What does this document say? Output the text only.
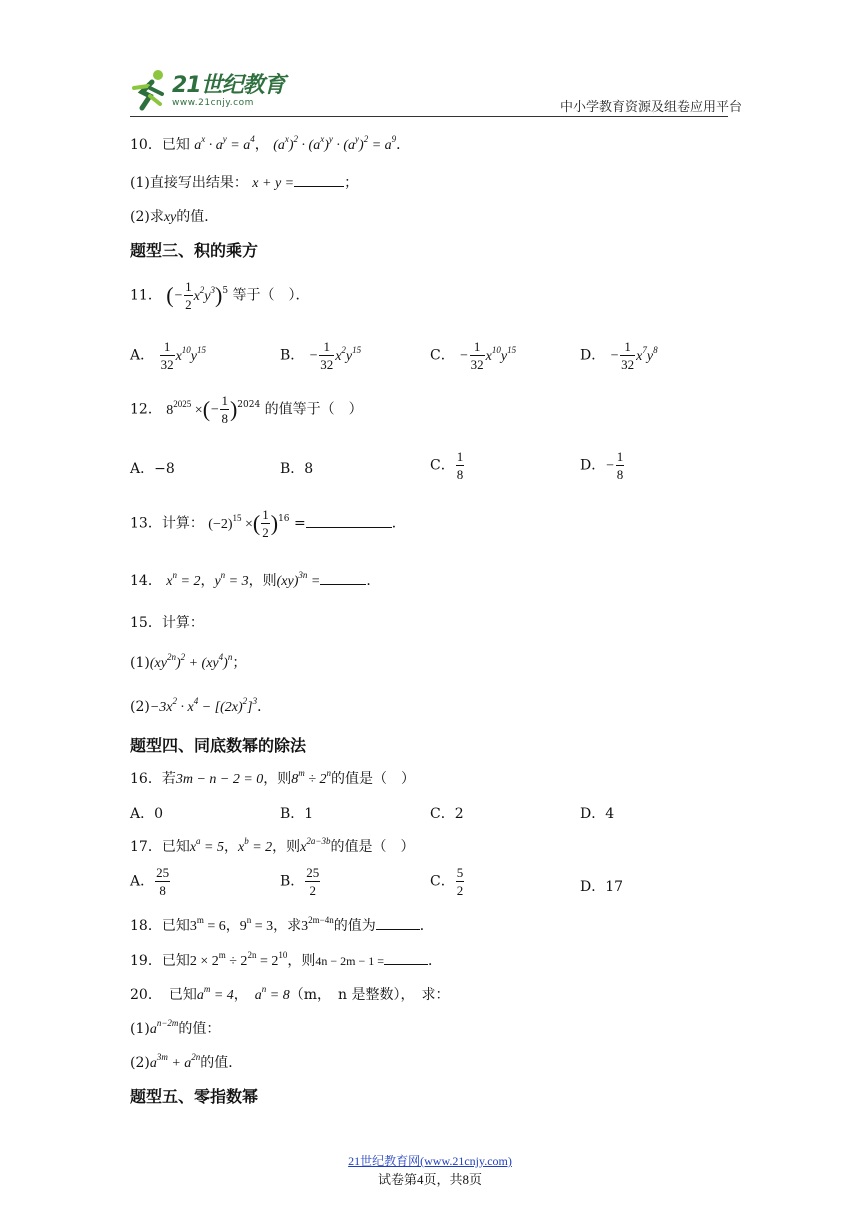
21世纪教育
www.21cnjy.com	中小学教育资源及组卷应用平台
10．已知 $a^x \cdot a^y = a^4$， $(a^x)^2 \cdot (a^x)^y \cdot (a^y)^2 = a^9$．
(1)直接写出结果： x + y =	；
(2)求xy的值．
题型三、积的乘方
11． (− $\frac{1}{2} x^2y^3)^5$ 等于（　）．
A． $\frac{1}{32} x^{10}y^{15}$	B． − $\frac{1}{32} x^2y^{15}$	C． − $\frac{1}{32} x^{10}y^{15}$	D． − $\frac{1}{32} x^7y^8$
12． $8^{2025}$ ×(− $\frac{1}{8} )^{2024}$ 的值等于（　）
A．−8	B．8	C． $\frac{1}{8}$	D．− $\frac{1}{8}$
13．计算： $(-2)^{15}$ ×( $\frac{1}{2} )^{16}$ =	．
14． $x^n = 2$，$y^n = 3$，则(xy)$^{3n}$ =	．
15．计算：
$(1)(xy^{2n})^2 + (xy^4)^n$；
$(2)-3x^2 \cdot x^4 - [(2x)^2]^3$．
题型四、同底数幂的除法
16．若3m − n − 2 = 0，则$8^m \div 2^n$的值是（　）
A．0	B．1	C．2	D．4
17．已知$x^a = 5$，$x^b = 2$，则$x^{2a-3b}$的值是（　）
A． $\frac{25}{8}$	B． $\frac{25}{2}$	C． $\frac{5}{2}$	D．17
18．已知$3^m = 6$，$9^n = 3$，求$3^{2m-4n}$的值为	．
19．已知$2 \times 2^m \div 2^{2n} = 2^{10}$，则4n − 2m − 1 =	．
20．　已知$a^m = 4$，　$a^n = 8(m$，　n 是整数），　求：
$(1)a^{n-2m}$的值：
$(2)a^{3m} + a^{2n}$的值．
题型五、零指数幂
21世纪教育网(www.21cnjy.com)
试卷第4页，共8页
